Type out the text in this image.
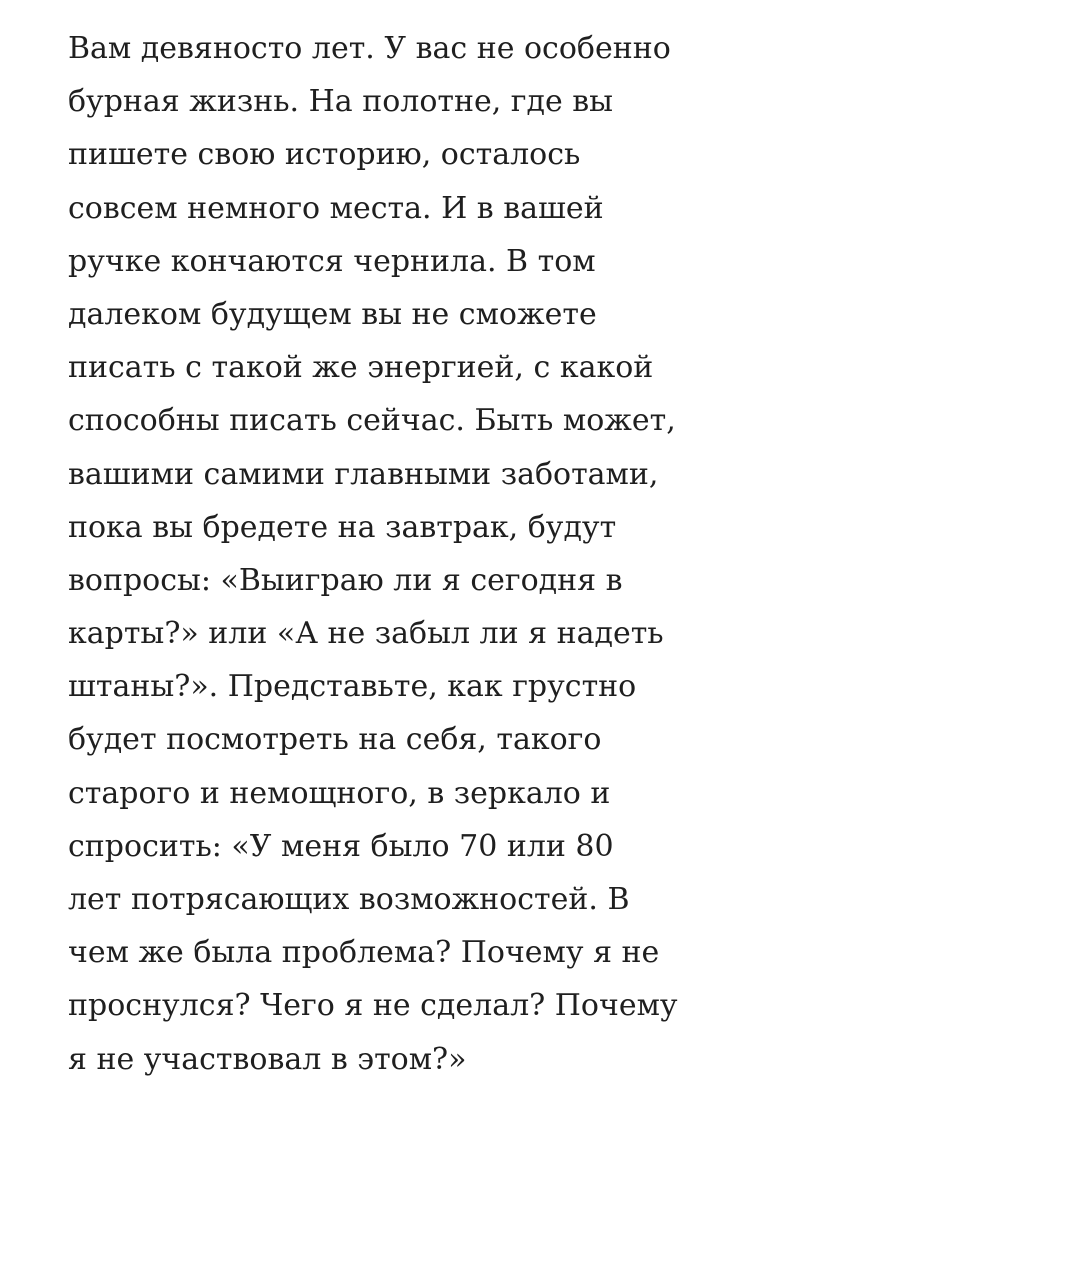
Вам девяносто лет. У вас не особенно
бурная жизнь. На полотне, где вы
пишете свою историю, осталось
совсем немного места. И в вашей
ручке кончаются чернила. В том
далеком будущем вы не сможете
писать с такой же энергией, с какой
способны писать сейчас. Быть может,
вашими самими главными заботами,
пока вы бредете на завтрак, будут
вопросы: «Выиграю ли я сегодня в
карты?» или «А не забыл ли я надеть
штаны?». Представьте, как грустно
будет посмотреть на себя, такого
старого и немощного, в зеркало и
спросить: «У меня было 70 или 80
лет потрясающих возможностей. В
чем же была проблема? Почему я не
проснулся? Чего я не сделал? Почему
я не участвовал в этом?»
